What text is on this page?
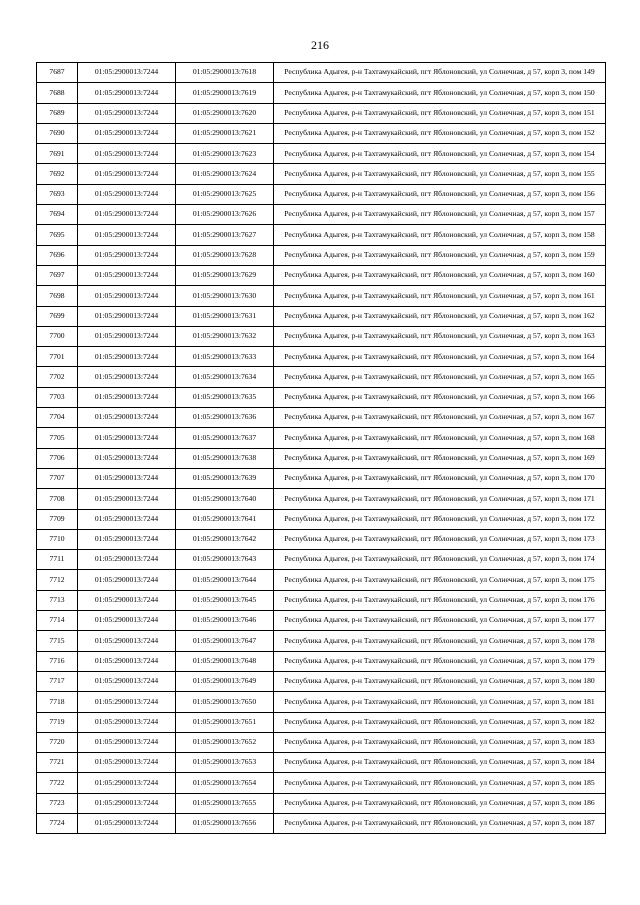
216
7687	01:05:2900013:7244	01:05:2900013:7618	Республика Адыгея, р-н Тахтамукайский, пгт Яблоновский, ул Солнечная, д 57, корп 3, пом 149
7688	01:05:2900013:7244	01:05:2900013:7619	Республика Адыгея, р-н Тахтамукайский, пгт Яблоновский, ул Солнечная, д 57, корп 3, пом 150
7689	01:05:2900013:7244	01:05:2900013:7620	Республика Адыгея, р-н Тахтамукайский, пгт Яблоновский, ул Солнечная, д 57, корп 3, пом 151
7690	01:05:2900013:7244	01:05:2900013:7621	Республика Адыгея, р-н Тахтамукайский, пгт Яблоновский, ул Солнечная, д 57, корп 3, пом 152
7691	01:05:2900013:7244	01:05:2900013:7623	Республика Адыгея, р-н Тахтамукайский, пгт Яблоновский, ул Солнечная, д 57, корп 3, пом 154
7692	01:05:2900013:7244	01:05:2900013:7624	Республика Адыгея, р-н Тахтамукайский, пгт Яблоновский, ул Солнечная, д 57, корп 3, пом 155
7693	01:05:2900013:7244	01:05:2900013:7625	Республика Адыгея, р-н Тахтамукайский, пгт Яблоновский, ул Солнечная, д 57, корп 3, пом 156
7694	01:05:2900013:7244	01:05:2900013:7626	Республика Адыгея, р-н Тахтамукайский, пгт Яблоновский, ул Солнечная, д 57, корп 3, пом 157
7695	01:05:2900013:7244	01:05:2900013:7627	Республика Адыгея, р-н Тахтамукайский, пгт Яблоновский, ул Солнечная, д 57, корп 3, пом 158
7696	01:05:2900013:7244	01:05:2900013:7628	Республика Адыгея, р-н Тахтамукайский, пгт Яблоновский, ул Солнечная, д 57, корп 3, пом 159
7697	01:05:2900013:7244	01:05:2900013:7629	Республика Адыгея, р-н Тахтамукайский, пгт Яблоновский, ул Солнечная, д 57, корп 3, пом 160
7698	01:05:2900013:7244	01:05:2900013:7630	Республика Адыгея, р-н Тахтамукайский, пгт Яблоновский, ул Солнечная, д 57, корп 3, пом 161
7699	01:05:2900013:7244	01:05:2900013:7631	Республика Адыгея, р-н Тахтамукайский, пгт Яблоновский, ул Солнечная, д 57, корп 3, пом 162
7700	01:05:2900013:7244	01:05:2900013:7632	Республика Адыгея, р-н Тахтамукайский, пгт Яблоновский, ул Солнечная, д 57, корп 3, пом 163
7701	01:05:2900013:7244	01:05:2900013:7633	Республика Адыгея, р-н Тахтамукайский, пгт Яблоновский, ул Солнечная, д 57, корп 3, пом 164
7702	01:05:2900013:7244	01:05:2900013:7634	Республика Адыгея, р-н Тахтамукайский, пгт Яблоновский, ул Солнечная, д 57, корп 3, пом 165
7703	01:05:2900013:7244	01:05:2900013:7635	Республика Адыгея, р-н Тахтамукайский, пгт Яблоновский, ул Солнечная, д 57, корп 3, пом 166
7704	01:05:2900013:7244	01:05:2900013:7636	Республика Адыгея, р-н Тахтамукайский, пгт Яблоновский, ул Солнечная, д 57, корп 3, пом 167
7705	01:05:2900013:7244	01:05:2900013:7637	Республика Адыгея, р-н Тахтамукайский, пгт Яблоновский, ул Солнечная, д 57, корп 3, пом 168
7706	01:05:2900013:7244	01:05:2900013:7638	Республика Адыгея, р-н Тахтамукайский, пгт Яблоновский, ул Солнечная, д 57, корп 3, пом 169
7707	01:05:2900013:7244	01:05:2900013:7639	Республика Адыгея, р-н Тахтамукайский, пгт Яблоновский, ул Солнечная, д 57, корп 3, пом 170
7708	01:05:2900013:7244	01:05:2900013:7640	Республика Адыгея, р-н Тахтамукайский, пгт Яблоновский, ул Солнечная, д 57, корп 3, пом 171
7709	01:05:2900013:7244	01:05:2900013:7641	Республика Адыгея, р-н Тахтамукайский, пгт Яблоновский, ул Солнечная, д 57, корп 3, пом 172
7710	01:05:2900013:7244	01:05:2900013:7642	Республика Адыгея, р-н Тахтамукайский, пгт Яблоновский, ул Солнечная, д 57, корп 3, пом 173
7711	01:05:2900013:7244	01:05:2900013:7643	Республика Адыгея, р-н Тахтамукайский, пгт Яблоновский, ул Солнечная, д 57, корп 3, пом 174
7712	01:05:2900013:7244	01:05:2900013:7644	Республика Адыгея, р-н Тахтамукайский, пгт Яблоновский, ул Солнечная, д 57, корп 3, пом 175
7713	01:05:2900013:7244	01:05:2900013:7645	Республика Адыгея, р-н Тахтамукайский, пгт Яблоновский, ул Солнечная, д 57, корп 3, пом 176
7714	01:05:2900013:7244	01:05:2900013:7646	Республика Адыгея, р-н Тахтамукайский, пгт Яблоновский, ул Солнечная, д 57, корп 3, пом 177
7715	01:05:2900013:7244	01:05:2900013:7647	Республика Адыгея, р-н Тахтамукайский, пгт Яблоновский, ул Солнечная, д 57, корп 3, пом 178
7716	01:05:2900013:7244	01:05:2900013:7648	Республика Адыгея, р-н Тахтамукайский, пгт Яблоновский, ул Солнечная, д 57, корп 3, пом 179
7717	01:05:2900013:7244	01:05:2900013:7649	Республика Адыгея, р-н Тахтамукайский, пгт Яблоновский, ул Солнечная, д 57, корп 3, пом 180
7718	01:05:2900013:7244	01:05:2900013:7650	Республика Адыгея, р-н Тахтамукайский, пгт Яблоновский, ул Солнечная, д 57, корп 3, пом 181
7719	01:05:2900013:7244	01:05:2900013:7651	Республика Адыгея, р-н Тахтамукайский, пгт Яблоновский, ул Солнечная, д 57, корп 3, пом 182
7720	01:05:2900013:7244	01:05:2900013:7652	Республика Адыгея, р-н Тахтамукайский, пгт Яблоновский, ул Солнечная, д 57, корп 3, пом 183
7721	01:05:2900013:7244	01:05:2900013:7653	Республика Адыгея, р-н Тахтамукайский, пгт Яблоновский, ул Солнечная, д 57, корп 3, пом 184
7722	01:05:2900013:7244	01:05:2900013:7654	Республика Адыгея, р-н Тахтамукайский, пгт Яблоновский, ул Солнечная, д 57, корп 3, пом 185
7723	01:05:2900013:7244	01:05:2900013:7655	Республика Адыгея, р-н Тахтамукайский, пгт Яблоновский, ул Солнечная, д 57, корп 3, пом 186
7724	01:05:2900013:7244	01:05:2900013:7656	Республика Адыгея, р-н Тахтамукайский, пгт Яблоновский, ул Солнечная, д 57, корп 3, пом 187
